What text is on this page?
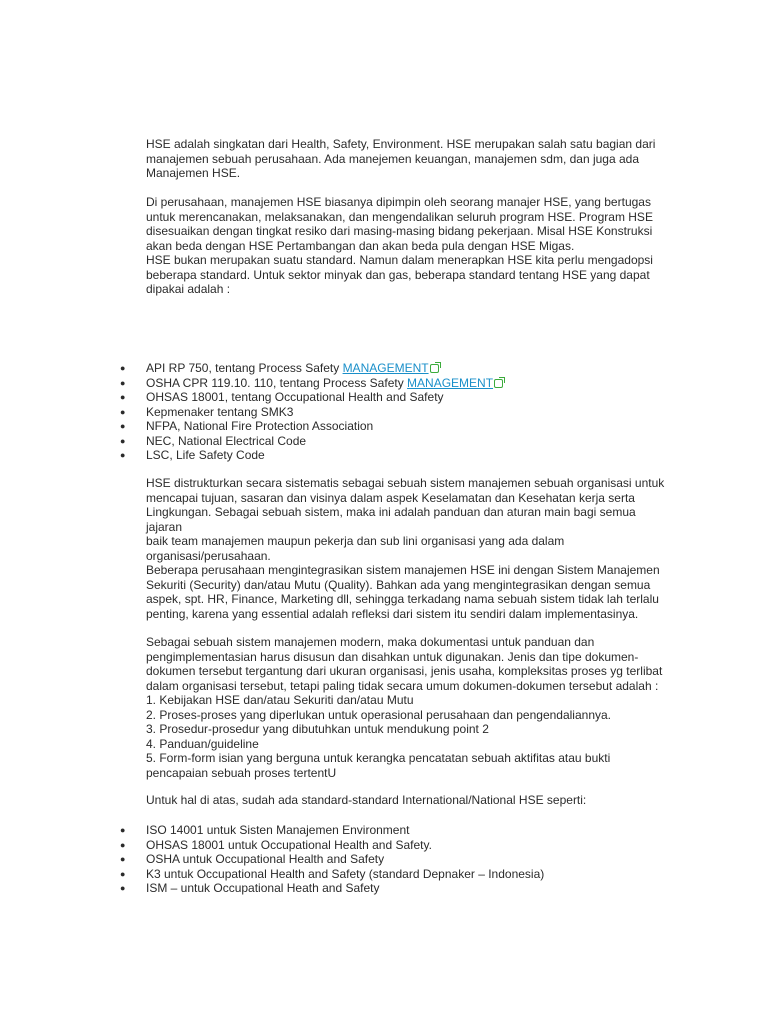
HSE adalah singkatan dari Health, Safety, Environment. HSE merupakan salah satu bagian dari

manajemen sebuah perusahaan. Ada manejemen keuangan, manajemen sdm, dan juga ada

Manajemen HSE.

Di perusahaan, manajemen HSE biasanya dipimpin oleh seorang manajer HSE, yang bertugas

untuk merencanakan, melaksanakan, dan mengendalikan seluruh program HSE. Program HSE

disesuaikan dengan tingkat resiko dari masing-masing bidang pekerjaan. Misal HSE Konstruksi

akan beda dengan HSE Pertambangan dan akan beda pula dengan HSE Migas.

HSE bukan merupakan suatu standard. Namun dalam menerapkan HSE kita perlu mengadopsi

beberapa standard. Untuk sektor minyak dan gas, beberapa standard tentang HSE yang dapat

dipakai adalah :

● API RP 750, tentang Process Safety MANAGEMENT
● OSHA CPR 119.10. 110, tentang Process Safety MANAGEMENT
● OHSAS 18001, tentang Occupational Health and Safety
● Kepmenaker tentang SMK3
● NFPA, National Fire Protection Association
● NEC, National Electrical Code
● LSC, Life Safety Code

HSE distrukturkan secara sistematis sebagai sebuah sistem manajemen sebuah organisasi untuk

mencapai tujuan, sasaran dan visinya dalam aspek Keselamatan dan Kesehatan kerja serta

Lingkungan. Sebagai sebuah sistem, maka ini adalah panduan dan aturan main bagi semua jajaran

baik team manajemen maupun pekerja dan sub lini organisasi yang ada dalam

organisasi/perusahaan.

Beberapa perusahaan mengintegrasikan sistem manajemen HSE ini dengan Sistem Manajemen

Sekuriti (Security) dan/atau Mutu (Quality). Bahkan ada yang mengintegrasikan dengan semua

aspek, spt. HR, Finance, Marketing dll, sehingga terkadang nama sebuah sistem tidak lah terlalu

penting, karena yang essential adalah refleksi dari sistem itu sendiri dalam implementasinya.

Sebagai sebuah sistem manajemen modern, maka dokumentasi untuk panduan dan

pengimplementasian harus disusun dan disahkan untuk digunakan. Jenis dan tipe dokumen-

dokumen tersebut tergantung dari ukuran organisasi, jenis usaha, kompleksitas proses yg terlibat

dalam organisasi tersebut, tetapi paling tidak secara umum dokumen-dokumen tersebut adalah :

1. Kebijakan HSE dan/atau Sekuriti dan/atau Mutu

2. Proses-proses yang diperlukan untuk operasional perusahaan dan pengendaliannya.

3. Prosedur-prosedur yang dibutuhkan untuk mendukung point 2

4. Panduan/guideline

5. Form-form isian yang berguna untuk kerangka pencatatan sebuah aktifitas atau bukti

pencapaian sebuah proses tertentU

Untuk hal di atas, sudah ada standard-standard International/National HSE seperti:

● ISO 14001 untuk Sisten Manajemen Environment
● OHSAS 18001 untuk Occupational Health and Safety.
● OSHA untuk Occupational Health and Safety
● K3 untuk Occupational Health and Safety (standard Depnaker – Indonesia)
● ISM – untuk Occupational Heath and Safety
